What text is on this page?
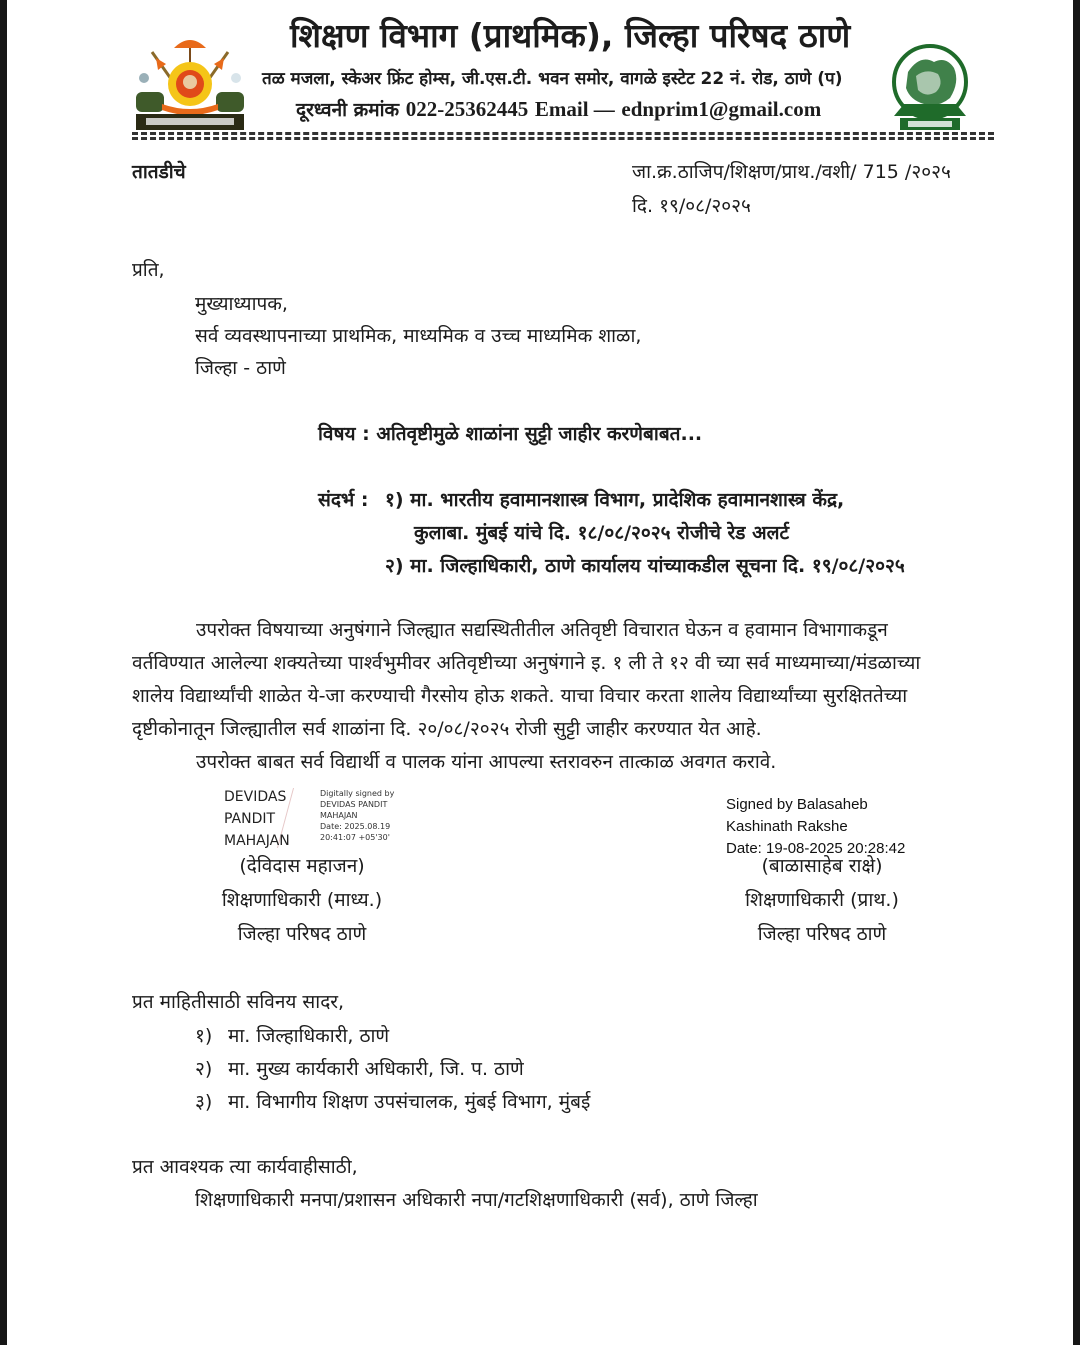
शिक्षण विभाग (प्राथमिक), जिल्हा परिषद ठाणे
तळ मजला, स्केअर फ्रिंट होम्स, जी.एस.टी. भवन समोर, वागळे इस्टेट 22 नं. रोड, ठाणे (प)
दूरध्वनी क्रमांक 022-25362445 Email — ednprim1@gmail.com
तातडीचे	जा.क्र.ठाजिप/शिक्षण/प्राथ./वशी/ 715 /२०२५
दि. १९/०८/२०२५
प्रति,
मुख्याध्यापक,
सर्व व्यवस्थापनाच्या प्राथमिक, माध्यमिक व उच्च माध्यमिक शाळा,
जिल्हा - ठाणे
विषय : अतिवृष्टीमुळे शाळांना सुट्टी जाहीर करणेबाबत...
संदर्भ : १) मा. भारतीय हवामानशास्त्र विभाग, प्रादेशिक हवामानशास्त्र केंद्र,
कुलाबा. मुंबई यांचे दि. १८/०८/२०२५ रोजीचे रेड अलर्ट
२) मा. जिल्हाधिकारी, ठाणे कार्यालय यांच्याकडील सूचना दि. १९/०८/२०२५
उपरोक्त विषयाच्या अनुषंगाने जिल्ह्यात सद्यस्थितीतील अतिवृष्टी विचारात घेऊन व हवामान विभागाकडून
वर्तविण्यात आलेल्या शक्यतेच्या पार्श्वभुमीवर अतिवृष्टीच्या अनुषंगाने इ. १ ली ते १२ वी च्या सर्व माध्यमाच्या/मंडळाच्या
शालेय विद्यार्थ्यांची शाळेत ये-जा करण्याची गैरसोय होऊ शकते. याचा विचार करता शालेय विद्यार्थ्यांच्या सुरक्षिततेच्या
दृष्टीकोनातून जिल्ह्यातील सर्व शाळांना दि. २०/०८/२०२५ रोजी सुट्टी जाहीर करण्यात येत आहे.
उपरोक्त बाबत सर्व विद्यार्थी व पालक यांना आपल्या स्तरावरुन तात्काळ अवगत करावे.
DEVIDAS
PANDIT
MAHAJAN
Digitally signed by
DEVIDAS PANDIT
MAHAJAN
Date: 2025.08.19
20:41:07 +05'30'
(देविदास महाजन)
शिक्षणाधिकारी (माध्य.)
जिल्हा परिषद ठाणे
Signed by Balasaheb
Kashinath Rakshe
Date: 19-08-2025 20:28:42
(बाळासाहेब राक्षे)
शिक्षणाधिकारी (प्राथ.)
जिल्हा परिषद ठाणे
प्रत माहितीसाठी सविनय सादर,
१) मा. जिल्हाधिकारी, ठाणे
२) मा. मुख्य कार्यकारी अधिकारी, जि. प. ठाणे
३) मा. विभागीय शिक्षण उपसंचालक, मुंबई विभाग, मुंबई
प्रत आवश्यक त्या कार्यवाहीसाठी,
शिक्षणाधिकारी मनपा/प्रशासन अधिकारी नपा/गटशिक्षणाधिकारी (सर्व), ठाणे जिल्हा
